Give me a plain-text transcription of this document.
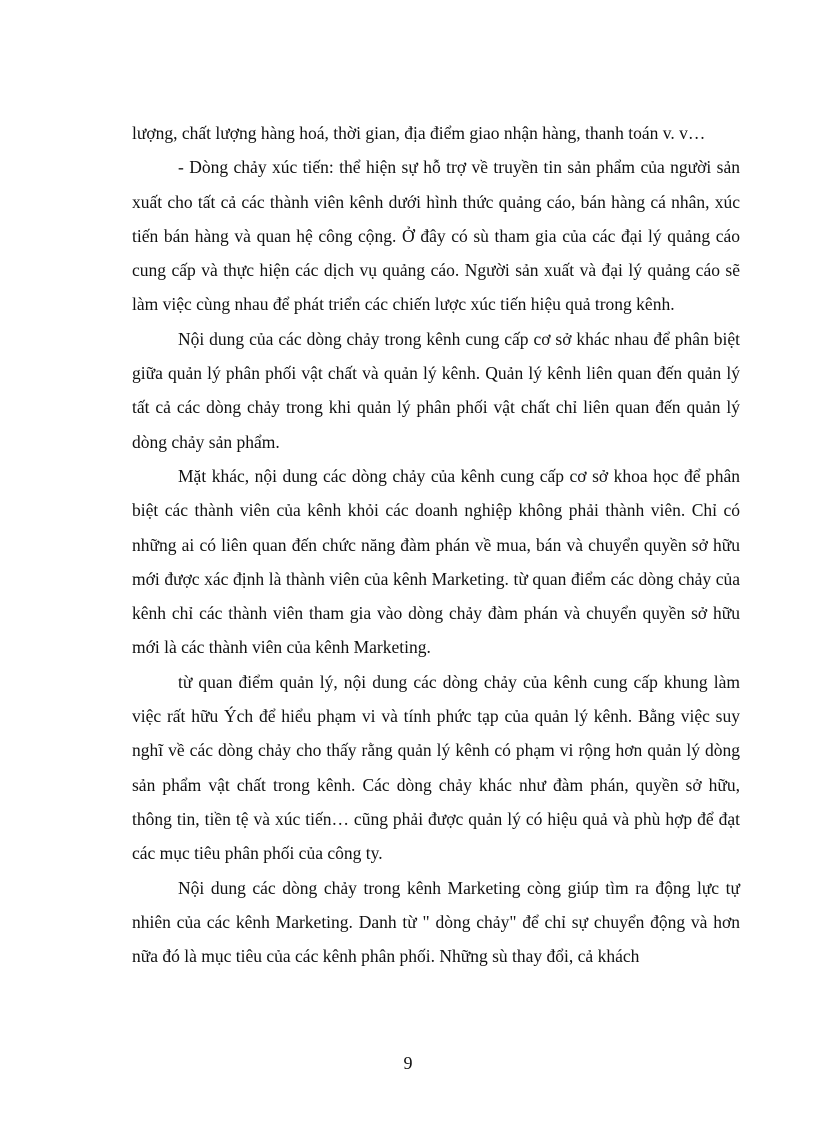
lượng, chất lượng hàng hoá, thời gian, địa điểm giao nhận hàng, thanh toán v. v…

- Dòng chảy xúc tiến: thể hiện sự hỗ trợ về truyền tin sản phẩm của người sản xuất cho tất cả các thành viên kênh dưới hình thức quảng cáo, bán hàng cá nhân, xúc tiến bán hàng và quan hệ công cộng. Ở đây có sù tham gia của các đại lý quảng cáo cung cấp và thực hiện các dịch vụ quảng cáo. Người sản xuất và đại lý quảng cáo sẽ làm việc cùng nhau để phát triển các chiến lược xúc tiến hiệu quả trong kênh.

Nội dung của các dòng chảy trong kênh cung cấp cơ sở khác nhau để phân biệt giữa quản lý phân phối vật chất và quản lý kênh. Quản lý kênh liên quan đến quản lý tất cả các dòng chảy trong khi quản lý phân phối vật chất chỉ liên quan đến quản lý dòng chảy sản phẩm.

Mặt khác, nội dung các dòng chảy của kênh cung cấp cơ sở khoa học để phân biệt các thành viên của kênh khỏi các doanh nghiệp không phải thành viên. Chỉ có những ai có liên quan đến chức năng đàm phán về mua, bán và chuyển quyền sở hữu mới được xác định là thành viên của kênh Marketing. từ quan điểm các dòng chảy của kênh chỉ các thành viên tham gia vào dòng chảy đàm phán và chuyển quyền sở hữu mới là các thành viên của kênh Marketing.

từ quan điểm quản lý, nội dung các dòng chảy của kênh cung cấp khung làm việc rất hữu Ých để hiểu phạm vi và tính phức tạp của quản lý kênh. Bằng việc suy nghĩ về các dòng chảy cho thấy rằng quản lý kênh có phạm vi rộng hơn quản lý dòng sản phẩm vật chất trong kênh. Các dòng chảy khác như đàm phán, quyền sở hữu, thông tin, tiền tệ và xúc tiến… cũng phải được quản lý có hiệu quả và phù hợp để đạt các mục tiêu phân phối của công ty.

Nội dung các dòng chảy trong kênh Marketing còng giúp tìm ra động lực tự nhiên của các kênh Marketing. Danh từ " dòng chảy" để chỉ sự chuyển động và hơn nữa đó là mục tiêu của các kênh phân phối. Những sù thay đổi, cả khách

9
